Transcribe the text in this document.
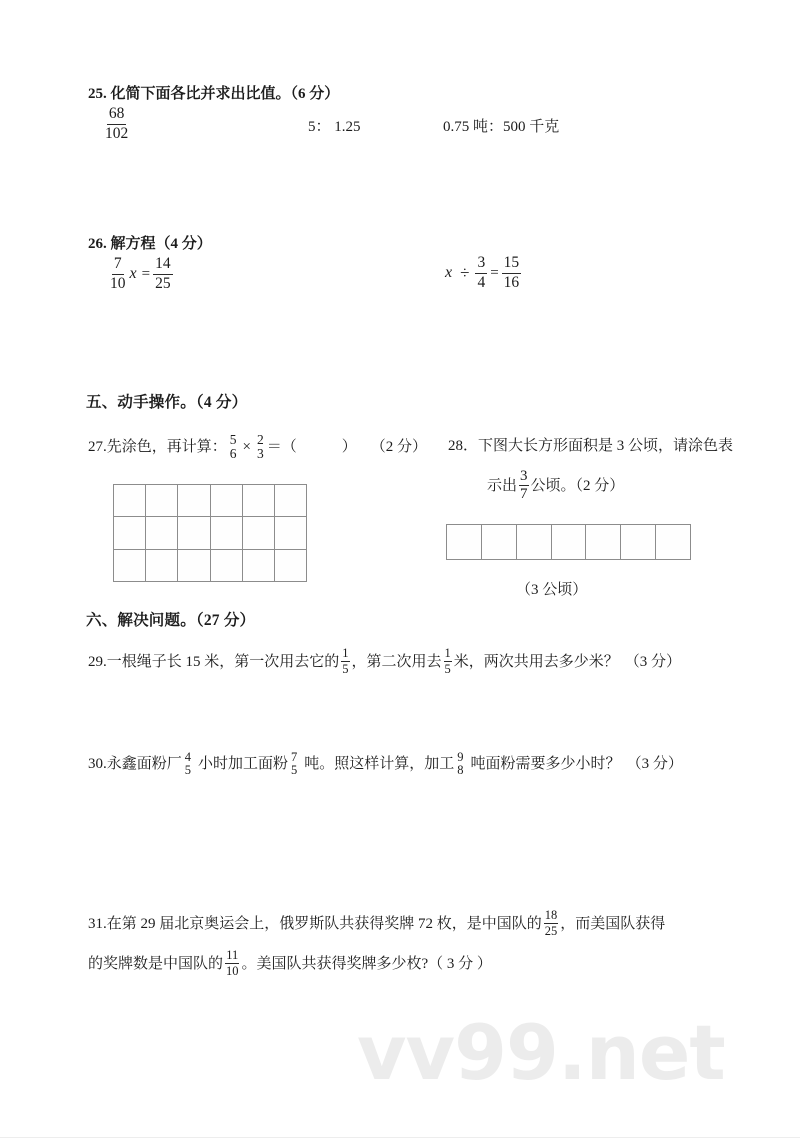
25. 化简下面各比并求出比值。（6 分）
$\frac{68}{102}$	5： 1.25	0.75 吨：500 千克
26. 解方程（4 分）
$\frac{7}{10}$ $x = \frac{14}{25}$	$x \div \frac{3}{4} = \frac{15}{16}$
五、动手操作。（4 分）
27.先涂色，再计算： 5
6 × 2
3 ＝（            ） （2 分） 28．下图大长方形面积是 3 公顷，请涂色表
示出 $\frac{3}{7}$ 公顷。（2 分）
（3 公顷）
六、解决问题。（27 分）
29.一根绳子长 15 米，第一次用去它的 $\frac{1}{5}$ ，第二次用去 $\frac{1}{5}$ 米，两次共用去多少米？ （3 分）
30.永鑫面粉厂 4
5 小时加工面粉 7
5 吨。照这样计算，加工 9
8 吨面粉需要多少小时？ （3 分）
31.在第 29 届北京奥运会上，俄罗斯队共获得奖牌 72 枚，是中国队的 $\frac{18}{25}$ ，而美国队获得
的奖牌数是中国队的 $\frac{11}{10}$ 。美国队共获得奖牌多少枚?（ 3 分 ）
vv99.net
